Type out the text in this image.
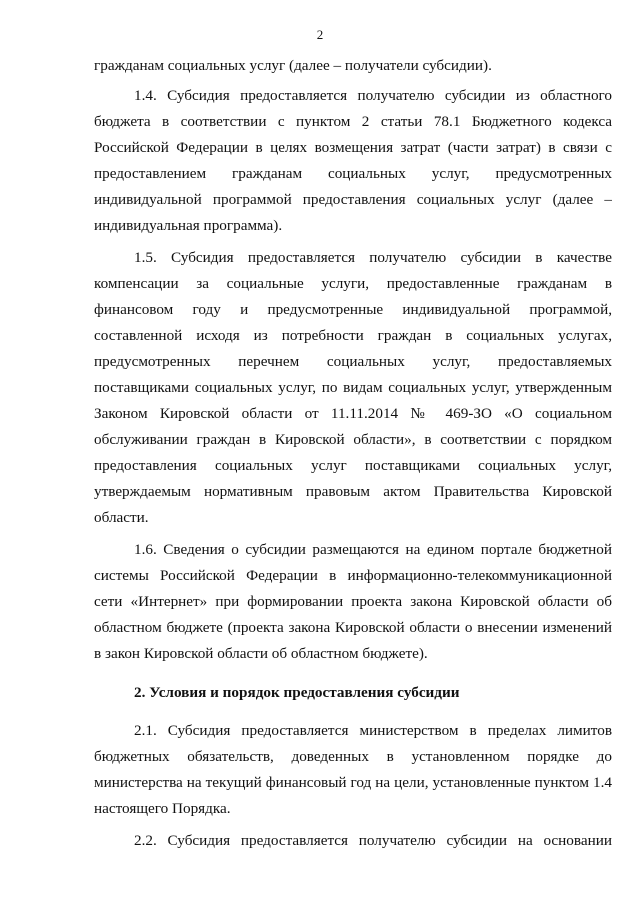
2
гражданам социальных услуг (далее – получатели субсидии).
1.4. Субсидия предоставляется получателю субсидии из областного
бюджета в соответствии с пунктом 2 статьи 78.1 Бюджетного кодекса
Российской Федерации в целях возмещения затрат (части затрат) в связи с
предоставлением гражданам социальных услуг, предусмотренных
индивидуальной программой предоставления социальных услуг (далее –
индивидуальная программа).
1.5. Субсидия предоставляется получателю субсидии в качестве
компенсации за социальные услуги, предоставленные гражданам в
финансовом году и предусмотренные индивидуальной программой,
составленной исходя из потребности граждан в социальных услугах,
предусмотренных перечнем социальных услуг, предоставляемых
поставщиками социальных услуг, по видам социальных услуг, утвержденным
Законом Кировской области от 11.11.2014 № 469-ЗО «О социальном
обслуживании граждан в Кировской области», в соответствии с порядком
предоставления социальных услуг поставщиками социальных услуг,
утверждаемым нормативным правовым актом Правительства Кировской
области.
1.6. Сведения о субсидии размещаются на едином портале бюджетной
системы Российской Федерации в информационно-телекоммуникационной
сети «Интернет» при формировании проекта закона Кировской области об
областном бюджете (проекта закона Кировской области о внесении изменений
в закон Кировской области об областном бюджете).
2. Условия и порядок предоставления субсидии
2.1. Субсидия предоставляется министерством в пределах лимитов
бюджетных обязательств, доведенных в установленном порядке до
министерства на текущий финансовый год на цели, установленные пунктом 1.4
настоящего Порядка.
2.2. Субсидия предоставляется получателю субсидии на основании
